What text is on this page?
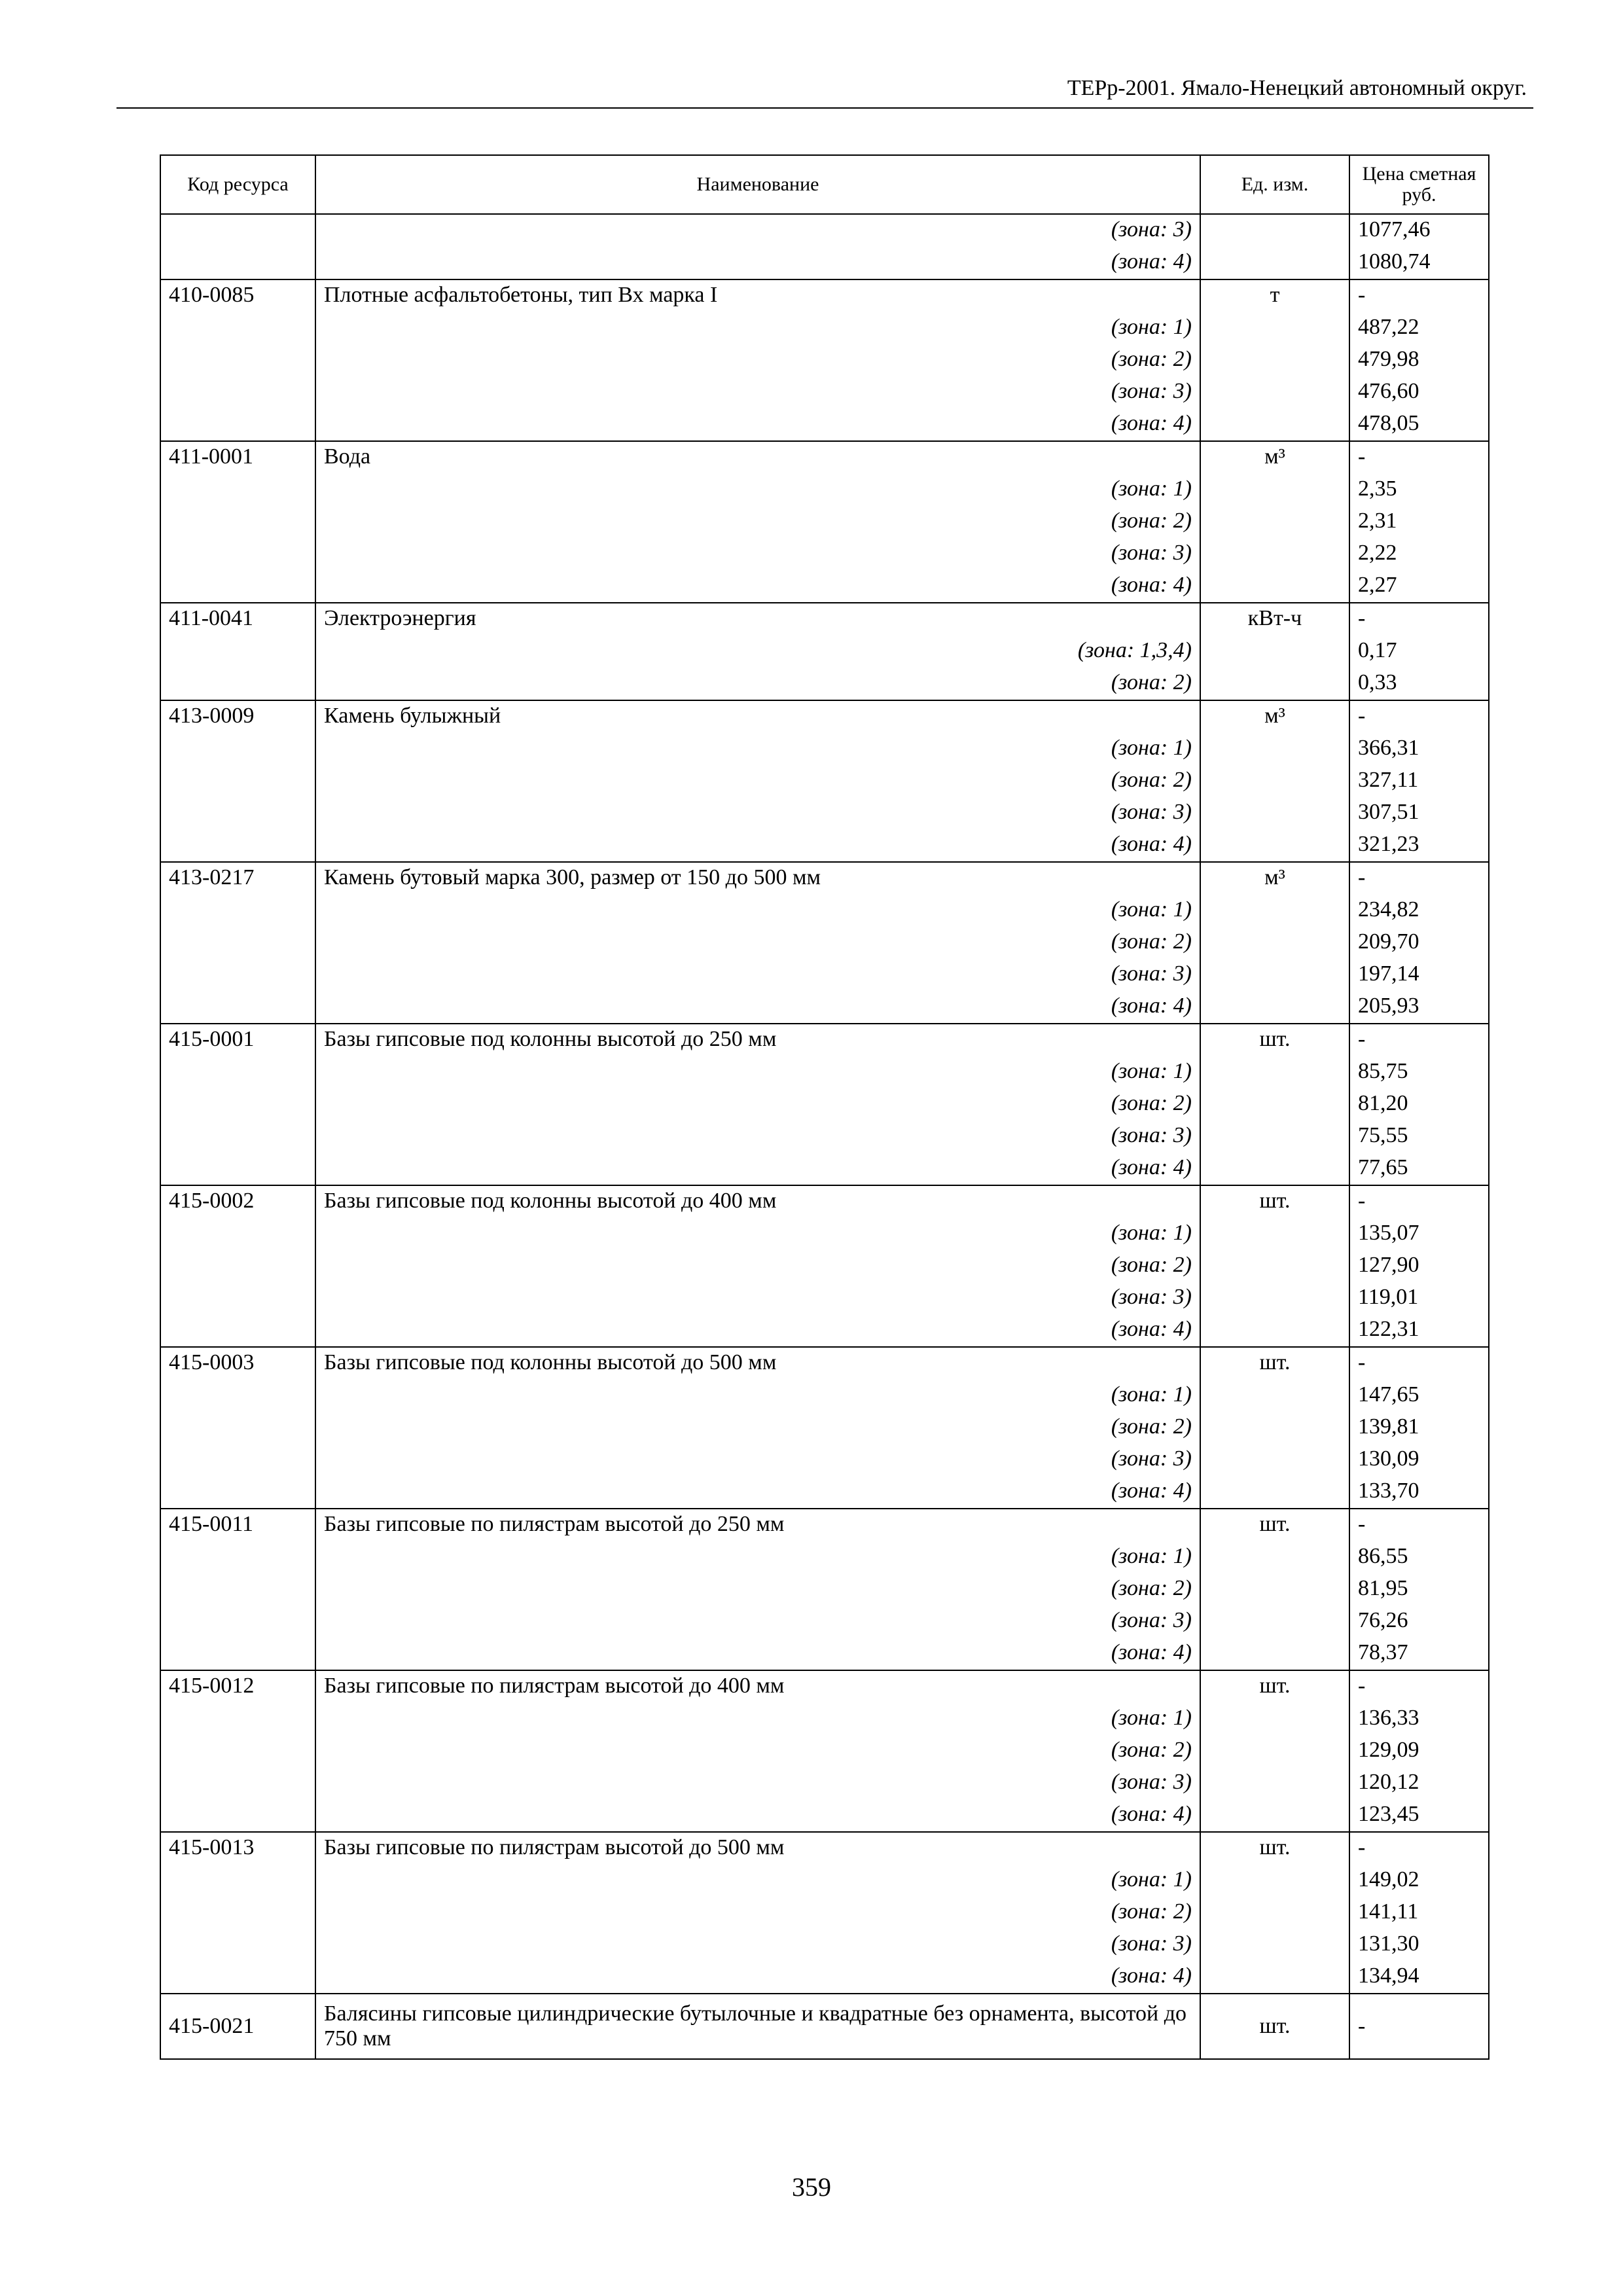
ТЕРр-2001. Ямало-Ненецкий автономный округ.
Код ресурса	Наименование	Ед. изм.	Цена сметная руб.
	(зона: 3)		1077,46
	(зона: 4)		1080,74
410-0085	Плотные асфальтобетоны, тип Вх марка I	т	-
	(зона: 1)		487,22
	(зона: 2)		479,98
	(зона: 3)		476,60
	(зона: 4)		478,05
411-0001	Вода	м³	-
	(зона: 1)		2,35
	(зона: 2)		2,31
	(зона: 3)		2,22
	(зона: 4)		2,27
411-0041	Электроэнергия	кВт-ч	-
	(зона: 1,3,4)		0,17
	(зона: 2)		0,33
413-0009	Камень булыжный	м³	-
	(зона: 1)		366,31
	(зона: 2)		327,11
	(зона: 3)		307,51
	(зона: 4)		321,23
413-0217	Камень бутовый марка 300, размер от 150 до 500 мм	м³	-
	(зона: 1)		234,82
	(зона: 2)		209,70
	(зона: 3)		197,14
	(зона: 4)		205,93
415-0001	Базы гипсовые под колонны высотой до 250 мм	шт.	-
	(зона: 1)		85,75
	(зона: 2)		81,20
	(зона: 3)		75,55
	(зона: 4)		77,65
415-0002	Базы гипсовые под колонны высотой до 400 мм	шт.	-
	(зона: 1)		135,07
	(зона: 2)		127,90
	(зона: 3)		119,01
	(зона: 4)		122,31
415-0003	Базы гипсовые под колонны высотой до 500 мм	шт.	-
	(зона: 1)		147,65
	(зона: 2)		139,81
	(зона: 3)		130,09
	(зона: 4)		133,70
415-0011	Базы гипсовые по пилястрам высотой до 250 мм	шт.	-
	(зона: 1)		86,55
	(зона: 2)		81,95
	(зона: 3)		76,26
	(зона: 4)		78,37
415-0012	Базы гипсовые по пилястрам высотой до 400 мм	шт.	-
	(зона: 1)		136,33
	(зона: 2)		129,09
	(зона: 3)		120,12
	(зона: 4)		123,45
415-0013	Базы гипсовые по пилястрам высотой до 500 мм	шт.	-
	(зона: 1)		149,02
	(зона: 2)		141,11
	(зона: 3)		131,30
	(зона: 4)		134,94
415-0021	Балясины гипсовые цилиндрические бутылочные и квадратные без орнамента, высотой до 750 мм	шт.	-
359
